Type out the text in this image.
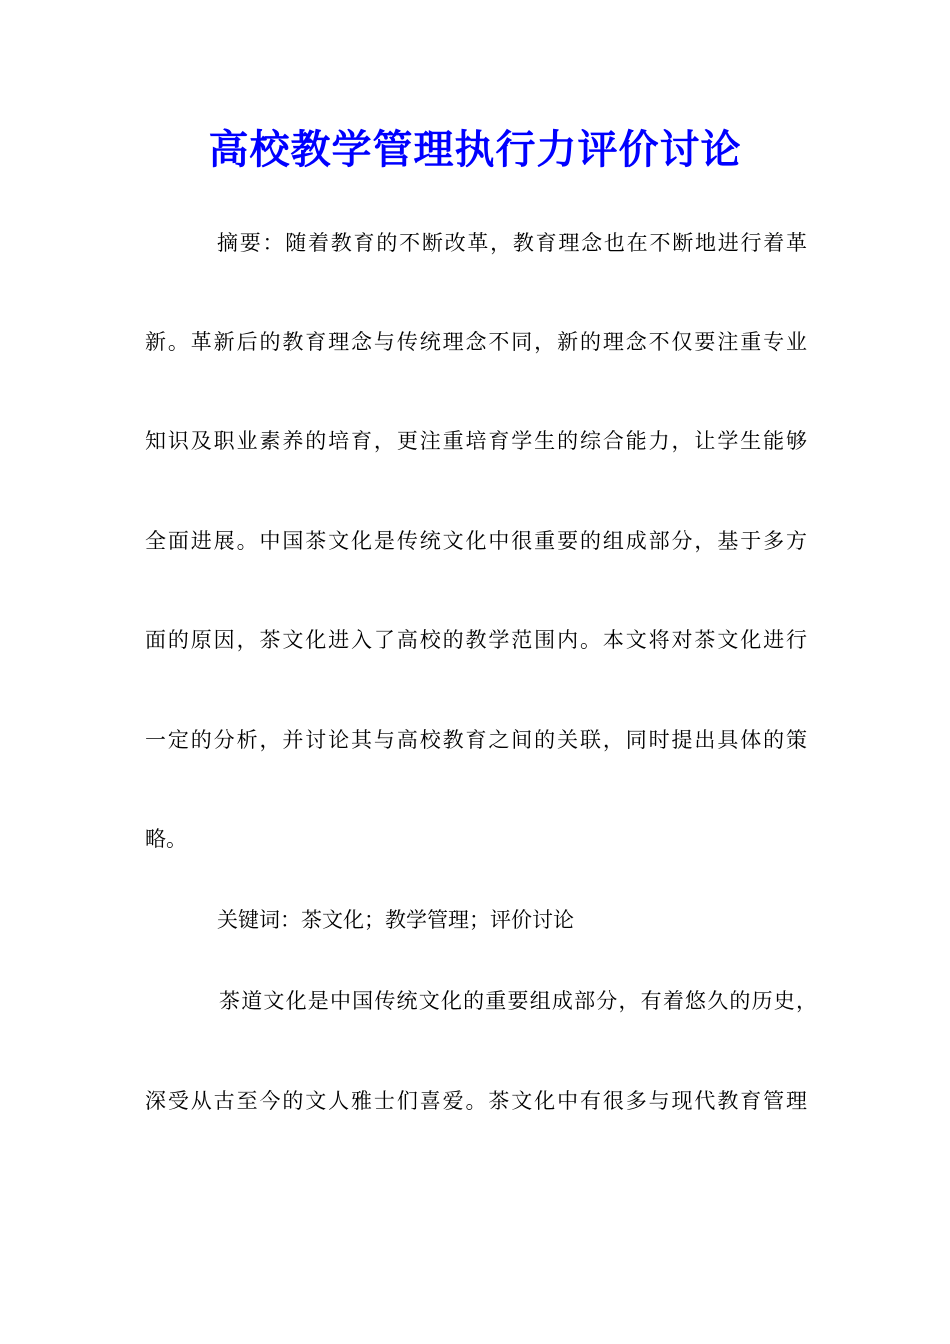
高校教学管理执行力评价讨论
摘要：随着教育的不断改革，教育理念也在不断地进行着革
新。革新后的教育理念与传统理念不同，新的理念不仅要注重专业
知识及职业素养的培育，更注重培育学生的综合能力，让学生能够
全面进展。中国茶文化是传统文化中很重要的组成部分，基于多方
面的原因，茶文化进入了高校的教学范围内。本文将对茶文化进行
一定的分析，并讨论其与高校教育之间的关联，同时提出具体的策
略。
关键词：茶文化；教学管理；评价讨论
茶道文化是中国传统文化的重要组成部分，有着悠久的历史，
深受从古至今的文人雅士们喜爱。茶文化中有很多与现代教育管理
